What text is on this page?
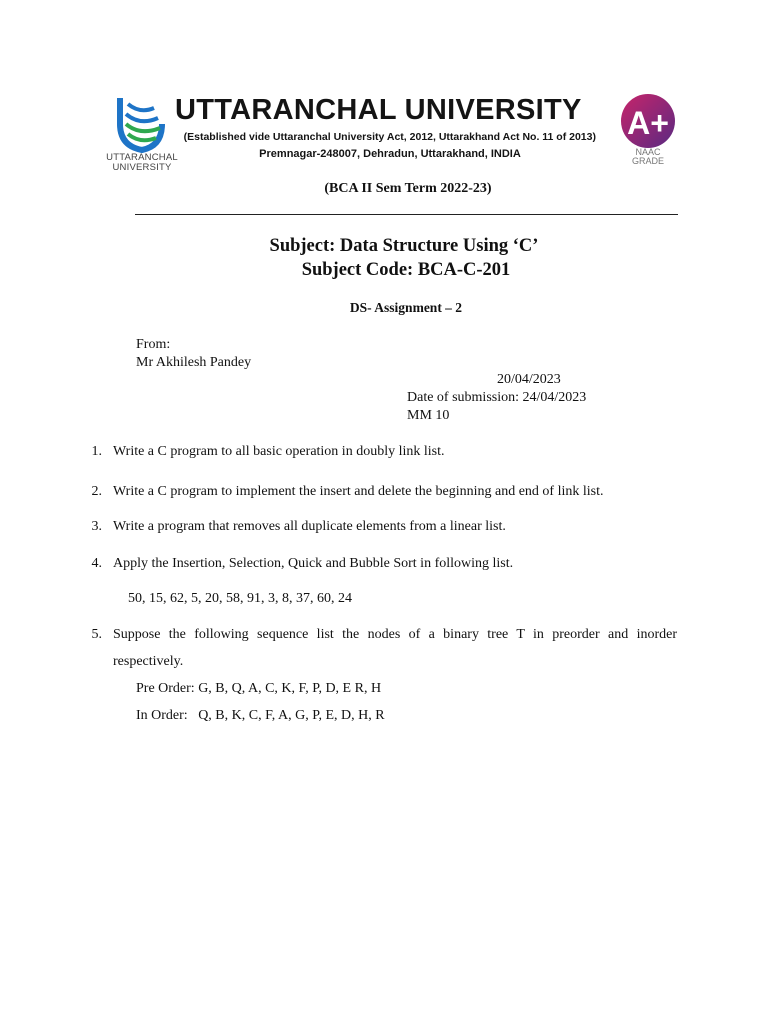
UTTARANCHAL
UNIVERSITY
UTTARANCHAL UNIVERSITY
(Established vide Uttaranchal University Act, 2012, Uttarakhand Act No. 11 of 2013)
Premnagar-248007, Dehradun, Uttarakhand, INDIA
A+
NAAC
GRADE
(BCA II Sem Term 2022-23)
Subject: Data Structure Using ‘C’
Subject Code: BCA-C-201
DS- Assignment – 2
From:
Mr Akhilesh Pandey
20/04/2023
Date of submission: 24/04/2023
MM 10
1. Write a C program to all basic operation in doubly link list.
2. Write a C program to implement the insert and delete the beginning and end of link list.
3. Write a program that removes all duplicate elements from a linear list.
4. Apply the Insertion, Selection, Quick and Bubble Sort in following list.
50, 15, 62, 5, 20, 58, 91, 3, 8, 37, 60, 24
5. Suppose the following sequence list the nodes of a binary tree T in preorder and inorder respectively.
Pre Order: G, B, Q, A, C, K, F, P, D, E R, H
In Order:   Q, B, K, C, F, A, G, P, E, D, H, R
